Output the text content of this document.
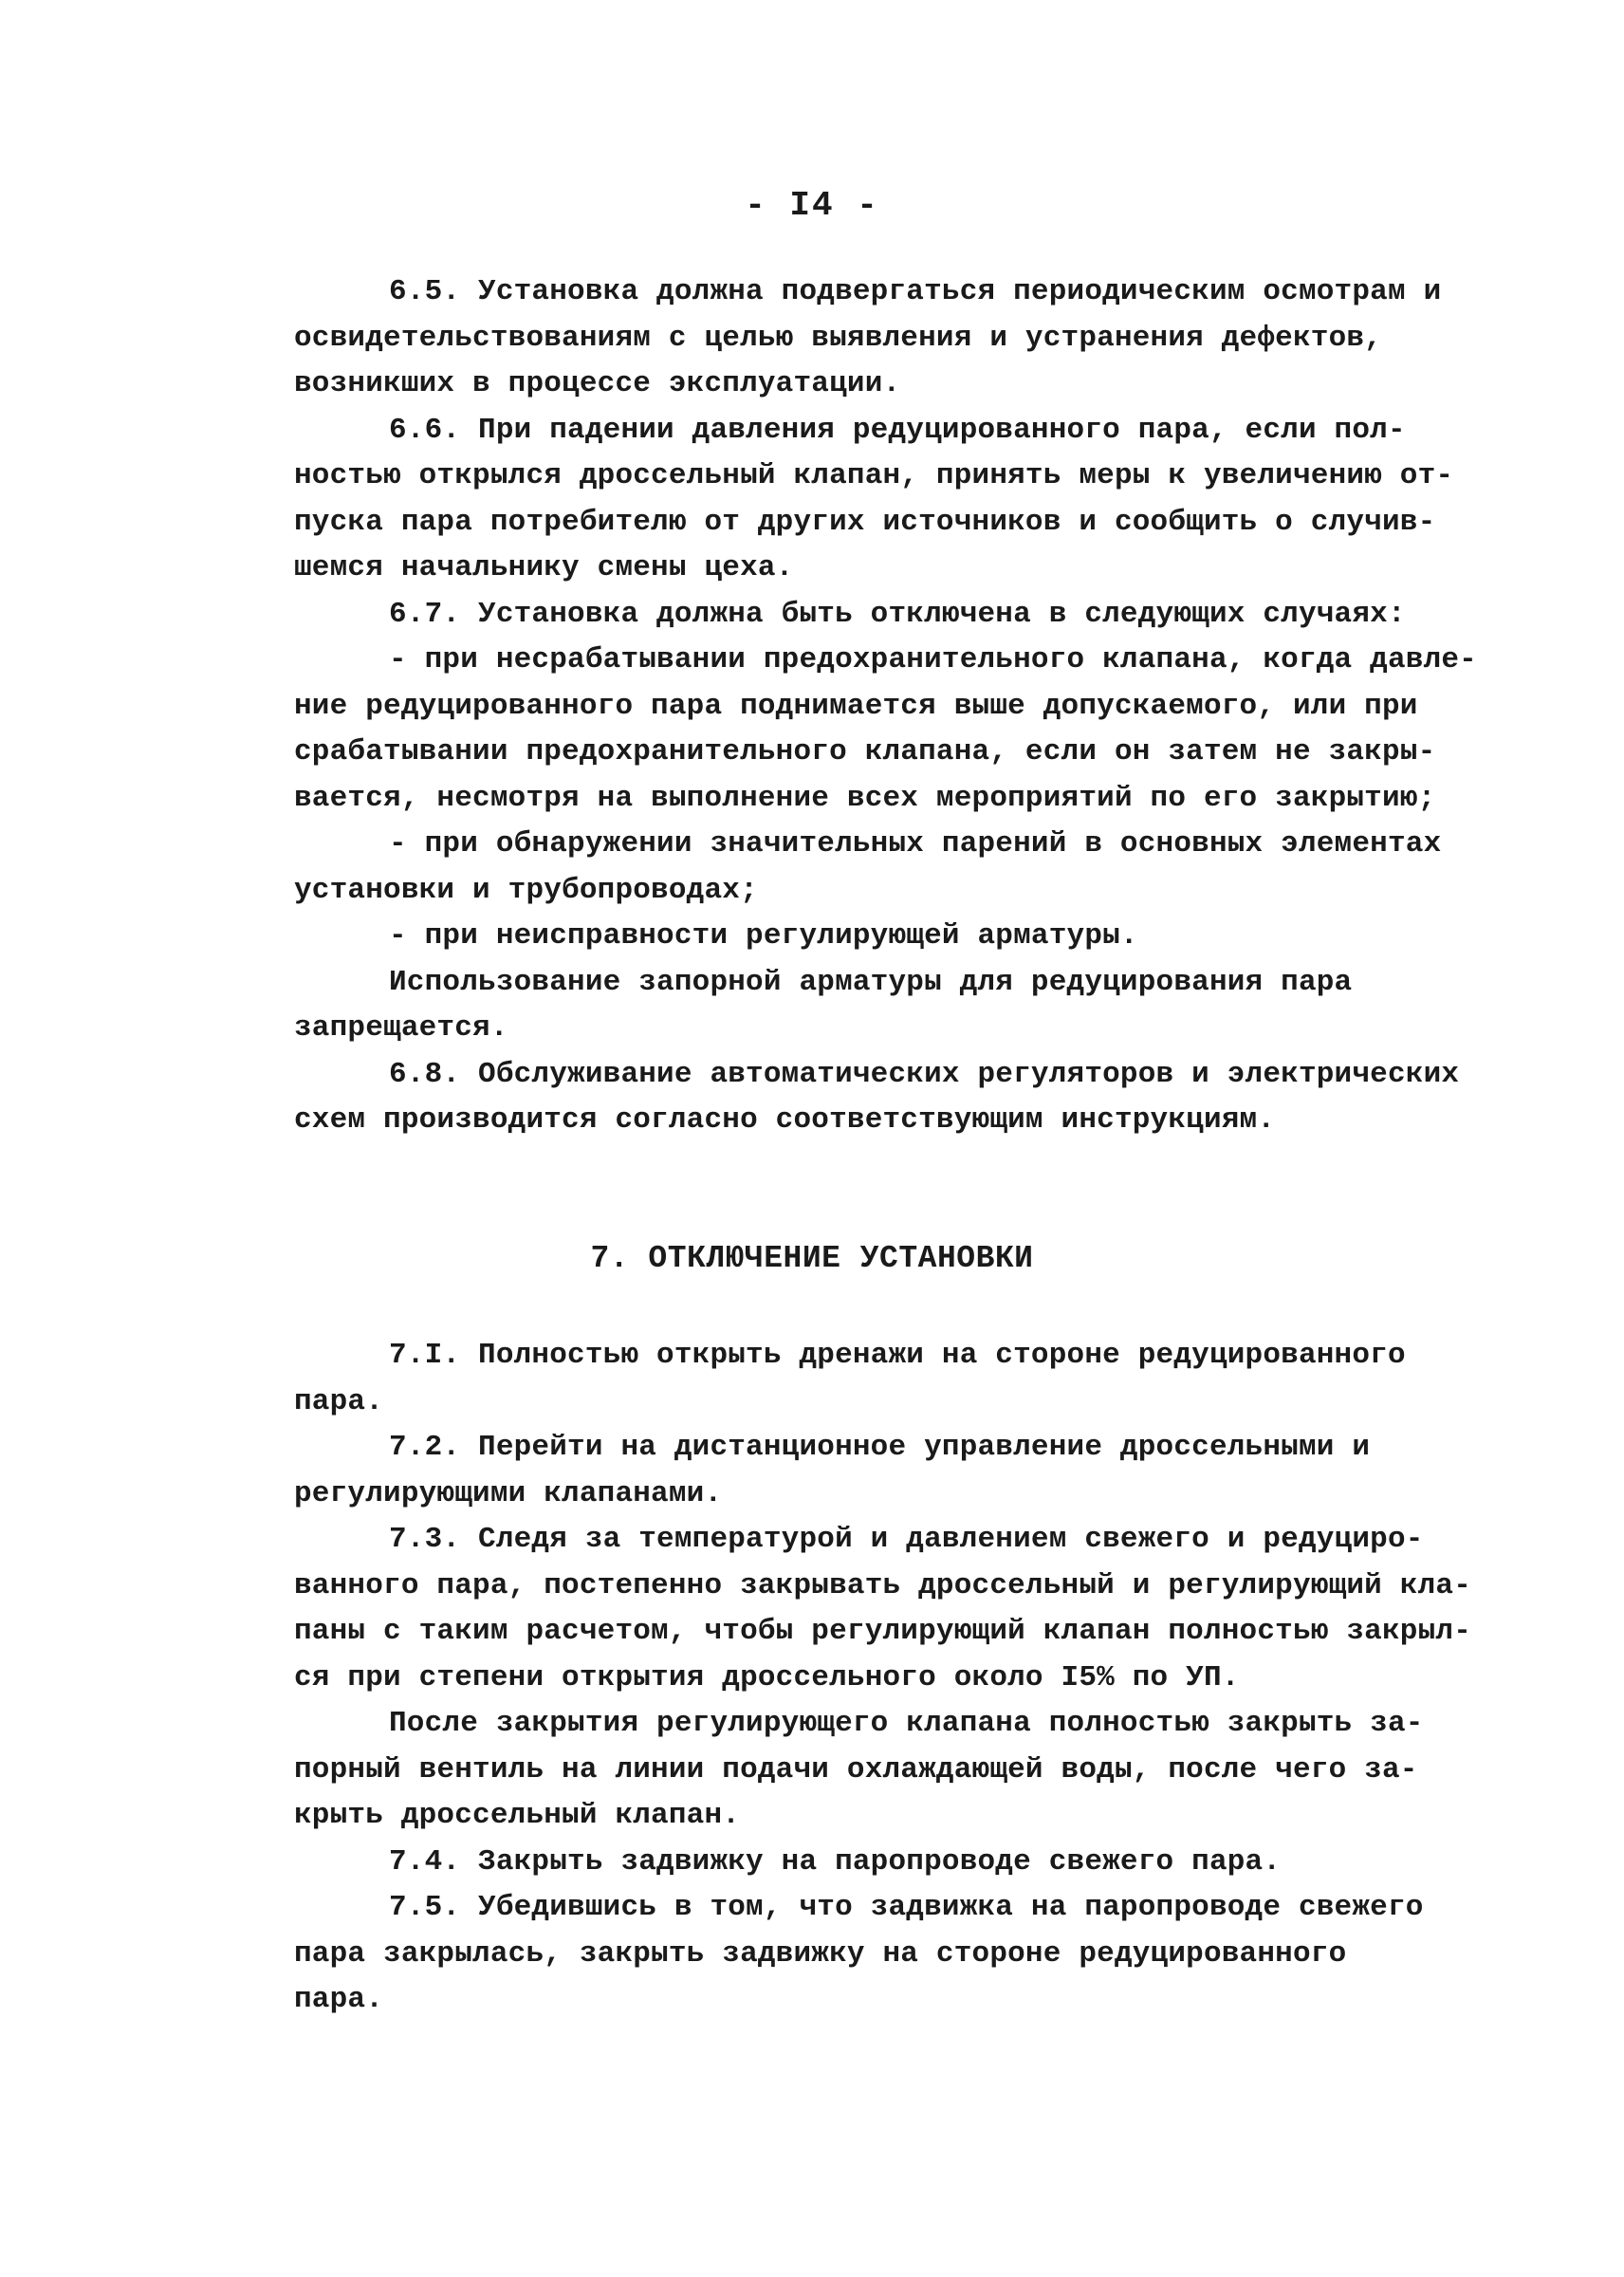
- I4 -
6.5. Установка должна подвергаться периодическим осмотрам и
освидетельствованиям с целью выявления и устранения дефектов,
возникших в процессе эксплуатации.
6.6. При падении давления редуцированного пара, если пол-
ностью открылся дроссельный клапан, принять меры к увеличению от-
пуска пара потребителю от других источников и сообщить о случив-
шемся начальнику смены цеха.
6.7. Установка должна быть отключена в следующих случаях:
- при несрабатывании предохранительного клапана, когда давле-
ние редуцированного пара поднимается выше допускаемого, или при
срабатывании предохранительного клапана, если он затем не закры-
вается, несмотря на выполнение всех мероприятий по его закрытию;
- при обнаружении значительных парений в основных элементах
установки и трубопроводах;
- при неисправности регулирующей арматуры.
Использование запорной арматуры для редуцирования пара
запрещается.
6.8. Обслуживание автоматических регуляторов и электрических
схем производится согласно соответствующим инструкциям.
7. ОТКЛЮЧЕНИЕ УСТАНОВКИ
7.I. Полностью открыть дренажи на стороне редуцированного
пара.
7.2. Перейти на дистанционное управление дроссельными и
регулирующими клапанами.
7.3. Следя за температурой и давлением свежего и редуциро-
ванного пара, постепенно закрывать дроссельный и регулирующий кла-
паны с таким расчетом, чтобы регулирующий клапан полностью закрыл-
ся при степени открытия дроссельного около I5% по УП.
После закрытия регулирующего клапана полностью закрыть за-
порный вентиль на линии подачи охлаждающей воды, после чего за-
крыть дроссельный клапан.
7.4. Закрыть задвижку на паропроводе свежего пара.
7.5. Убедившись в том, что задвижка на паропроводе свежего
пара закрылась, закрыть задвижку на стороне редуцированного
пара.
